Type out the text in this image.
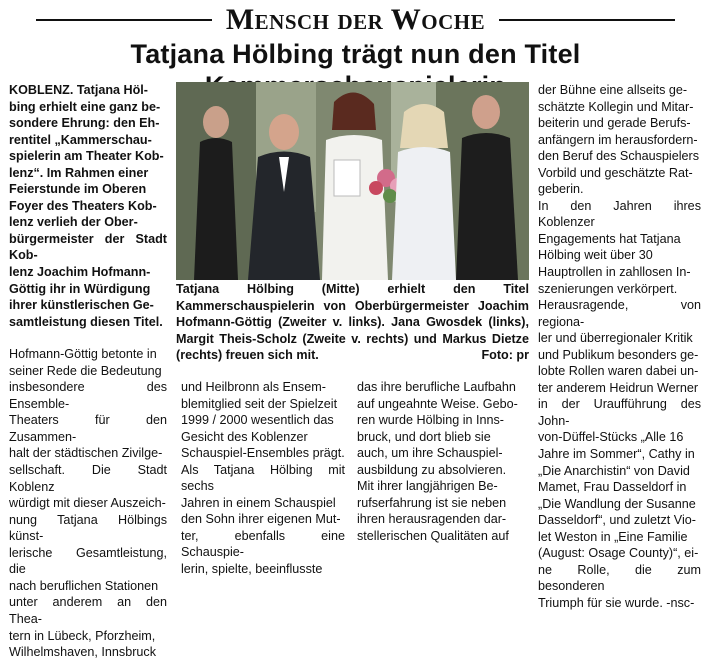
Mensch der Woche
Tatjana Hölbing trägt nun den Titel
KOBLENZ. Tatjana Höl-
bing erhielt eine ganz be-
sondere Ehrung: den Eh-
rentitel „Kammerschau-
spielerin am Theater Kob-
lenz“. Im Rahmen einer
Feierstunde im Oberen
Foyer des Theaters Kob-
lenz verlieh der Ober-
bürgermeister der Stadt Kob-
lenz Joachim Hofmann-
Göttig ihr in Würdigung
ihrer künstlerischen Ge-
samtleistung diesen Titel.
Hofmann-Göttig betonte in
seiner Rede die Bedeutung
insbesondere des Ensemble-
Theaters für den Zusammen-
halt der städtischen Zivilge-
sellschaft. Die Stadt Koblenz
würdigt mit dieser Auszeich-
nung Tatjana Hölbings künst-
lerische Gesamtleistung, die
nach beruflichen Stationen
unter anderem an den Thea-
tern in Lübeck, Pforzheim,
Wilhelmshaven, Innsbruck
Tatjana Hölbing (Mitte) erhielt den Titel Kammerschauspielerin von Oberbürgermeister Joachim Hofmann-Göttig (Zweiter v. links). Jana Gwosdek (links), Margit Theis-Scholz (Zweite v. rechts) und Markus Dietze (rechts) freuen sich mit.	Foto: pr
und Heilbronn als Ensem-
blemitglied seit der Spielzeit
1999 / 2000 wesentlich das
Gesicht des Koblenzer
Schauspiel-Ensembles prägt.
Als Tatjana Hölbing mit sechs
Jahren in einem Schauspiel
den Sohn ihrer eigenen Mut-
ter, ebenfalls eine Schauspie-
lerin, spielte, beeinflusste
das ihre berufliche Laufbahn
auf ungeahnte Weise. Gebo-
ren wurde Hölbing in Inns-
bruck, und dort blieb sie
auch, um ihre Schauspiel-
ausbildung zu absolvieren.
Mit ihrer langjährigen Be-
rufserfahrung ist sie neben
ihren herausragenden dar-
stellerischen Qualitäten auf
der Bühne eine allseits ge-
schätzte Kollegin und Mitar-
beiterin und gerade Berufs-
anfängern im herausfordern-
den Beruf des Schauspielers
Vorbild und geschätzte Rat-
geberin.
In den Jahren ihres Koblenzer
Engagements hat Tatjana
Hölbing weit über 30
Hauptrollen in zahllosen In-
szenierungen verkörpert.
Herausragende, von regiona-
ler und überregionaler Kritik
und Publikum besonders ge-
lobte Rollen waren dabei un-
ter anderem Heidrun Werner
in der Uraufführung des John-
von-Düffel-Stücks „Alle 16
Jahre im Sommer“, Cathy in
„Die Anarchistin“ von David
Mamet, Frau Dasseldorf in
„Die Wandlung der Susanne
Dasseldorf“, und zuletzt Vio-
let Weston in „Eine Familie
(August: Osage County)“, ei-
ne Rolle, die zum besonderen
Triumph für sie wurde. -nsc-
